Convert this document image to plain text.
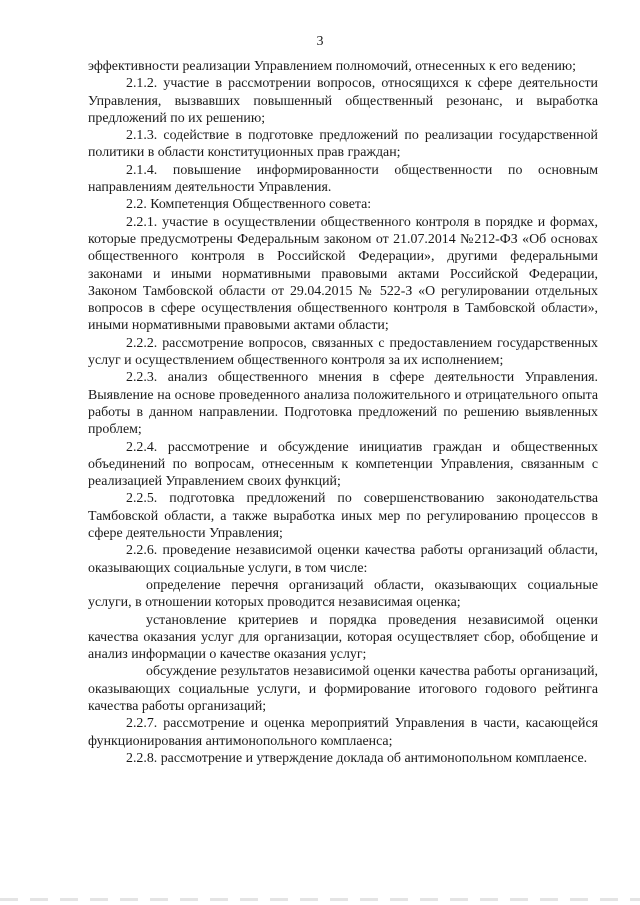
3

эффективности реализации Управлением полномочий, отнесенных к его ведению;

2.1.2. участие в рассмотрении вопросов, относящихся к сфере деятельности Управления, вызвавших повышенный общественный резонанс, и выработка предложений по их решению;

2.1.3. содействие в подготовке предложений по реализации государственной политики в области конституционных прав граждан;

2.1.4. повышение информированности общественности по основным направлениям деятельности Управления.

2.2. Компетенция Общественного совета:

2.2.1. участие в осуществлении общественного контроля в порядке и формах, которые предусмотрены Федеральным законом от 21.07.2014 №212-ФЗ «Об основах общественного контроля в Российской Федерации», другими федеральными законами и иными нормативными правовыми актами Российской Федерации, Законом Тамбовской области от 29.04.2015 № 522-З «О регулировании отдельных вопросов в сфере осуществления общественного контроля в Тамбовской области», иными нормативными правовыми актами области;

2.2.2. рассмотрение вопросов, связанных с предоставлением государственных услуг и осуществлением общественного контроля за их исполнением;

2.2.3. анализ общественного мнения в сфере деятельности Управления. Выявление на основе проведенного анализа положительного и отрицательного опыта работы в данном направлении. Подготовка предложений по решению выявленных проблем;

2.2.4. рассмотрение и обсуждение инициатив граждан и общественных объединений по вопросам, отнесенным к компетенции Управления, связанным с реализацией Управлением своих функций;

2.2.5. подготовка предложений по совершенствованию законодательства Тамбовской области, а также выработка иных мер по регулированию процессов в сфере деятельности Управления;

2.2.6. проведение независимой оценки качества работы организаций области, оказывающих социальные услуги, в том числе:

определение перечня организаций области, оказывающих социальные услуги, в отношении которых проводится независимая оценка;

установление критериев и порядка проведения независимой оценки качества оказания услуг для организации, которая осуществляет сбор, обобщение и анализ информации о качестве оказания услуг;

обсуждение результатов независимой оценки качества работы организаций, оказывающих социальные услуги, и формирование итогового годового рейтинга качества работы организаций;

2.2.7. рассмотрение и оценка мероприятий Управления в части, касающейся функционирования антимонопольного комплаенса;

2.2.8. рассмотрение и утверждение доклада об антимонопольном комплаенсе.
